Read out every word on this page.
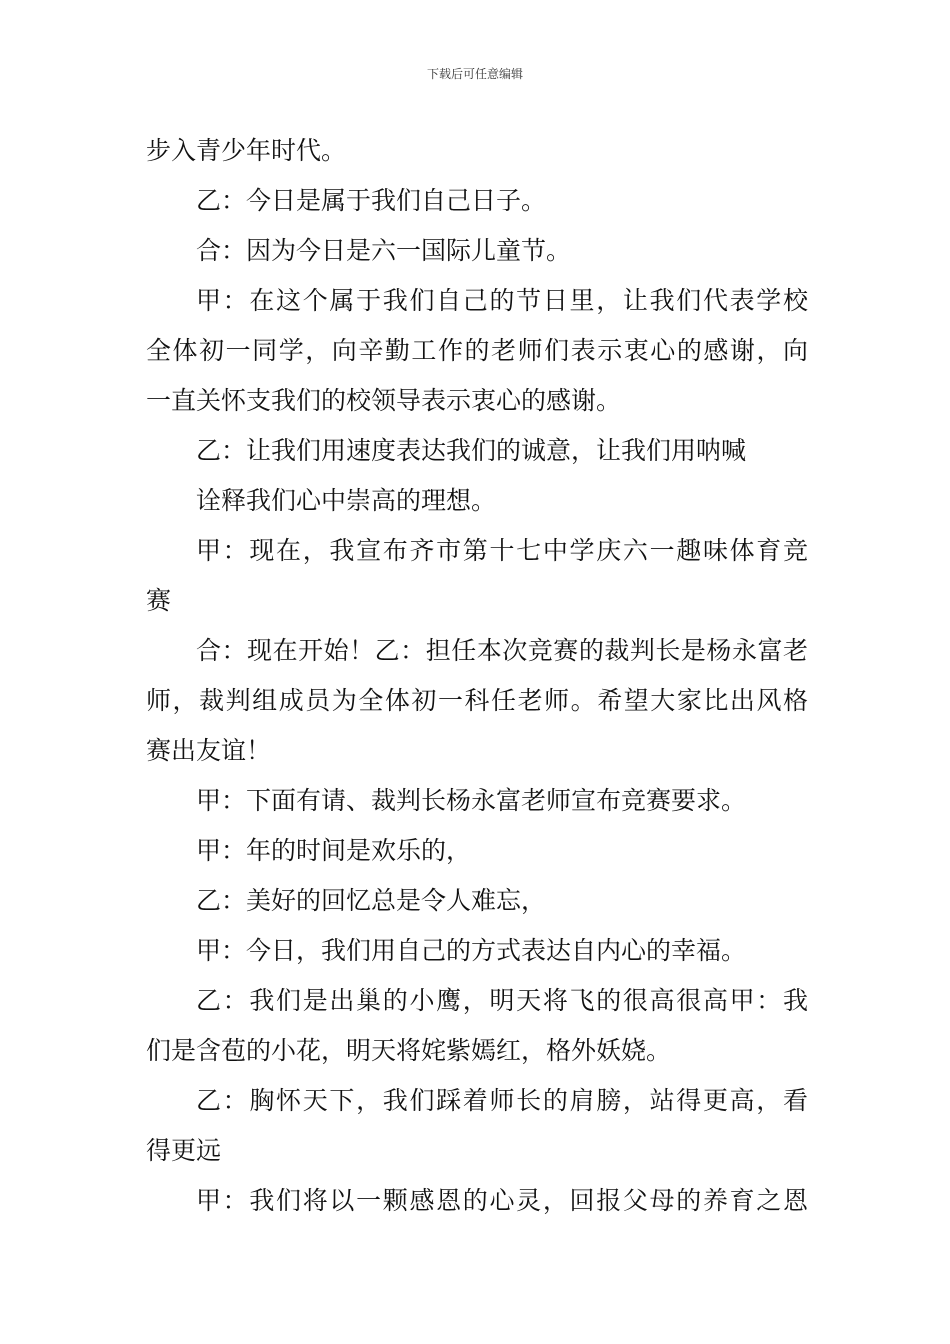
下载后可任意编辑
步入青少年时代。
乙：今日是属于我们自己日子。
合：因为今日是六一国际儿童节。
甲：在这个属于我们自己的节日里，让我们代表学校
全体初一同学，向辛勤工作的老师们表示衷心的感谢，向
一直关怀支我们的校领导表示衷心的感谢。
乙：让我们用速度表达我们的诚意，让我们用呐喊
诠释我们心中崇高的理想。
甲：现在，我宣布齐市第十七中学庆六一趣味体育竞
赛
合：现在开始！乙：担任本次竞赛的裁判长是杨永富老
师，裁判组成员为全体初一科任老师。希望大家比出风格
赛出友谊！
甲：下面有请、裁判长杨永富老师宣布竞赛要求。
甲：年的时间是欢乐的，
乙：美好的回忆总是令人难忘，
甲：今日，我们用自己的方式表达自内心的幸福。
乙：我们是出巢的小鹰，明天将飞的很高很高甲：我
们是含苞的小花，明天将姹紫嫣红，格外妖娆。
乙：胸怀天下，我们踩着师长的肩膀，站得更高，看
得更远
甲：我们将以一颗感恩的心灵，回报父母的养育之恩
